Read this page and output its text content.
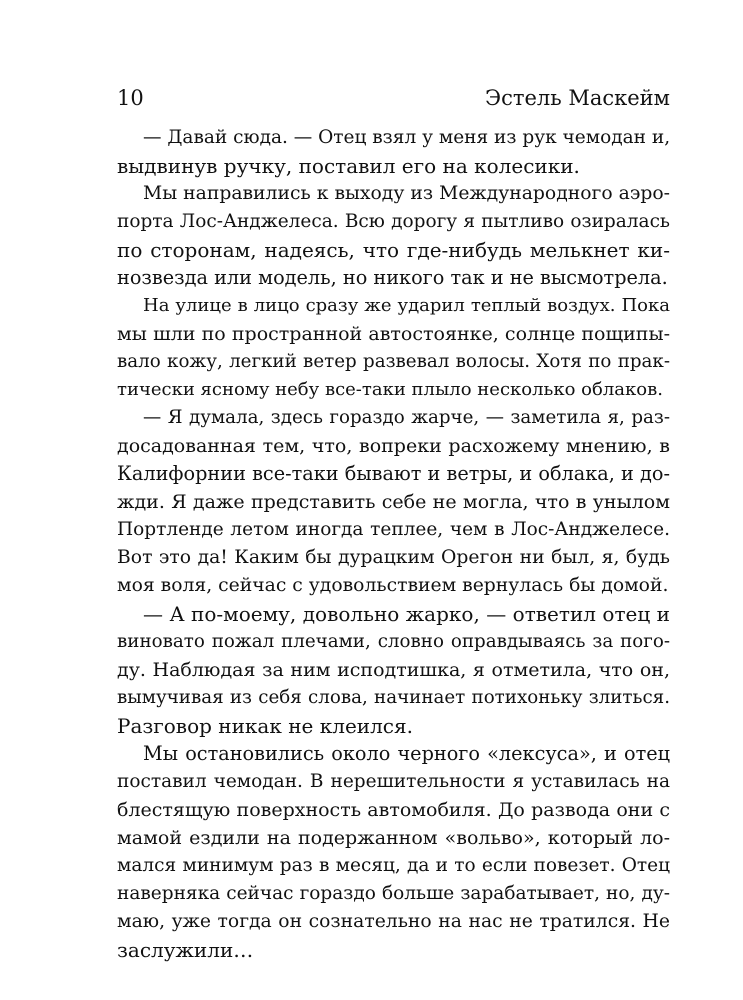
10	Эстель Маскейм

— Давай сюда. — Отец взял у меня из рук чемодан и,
выдвинув ручку, поставил его на колесики.

Мы направились к выходу из Международного аэро-
порта Лос-Анджелеса. Всю дорогу я пытливо озиралась
по сторонам, надеясь, что где-нибудь мелькнет ки-
нозвезда или модель, но никого так и не высмотрела.

На улице в лицо сразу же ударил теплый воздух. Пока
мы шли по пространной автостоянке, солнце пощипы-
вало кожу, легкий ветер развевал волосы. Хотя по прак-
тически ясному небу все-таки плыло несколько облаков.

— Я думала, здесь гораздо жарче, — заметила я, раз-
досадованная тем, что, вопреки расхожему мнению, в
Калифорнии все-таки бывают и ветры, и облака, и до-
жди. Я даже представить себе не могла, что в унылом
Портленде летом иногда теплее, чем в Лос-Анджелесе.
Вот это да! Каким бы дурацким Орегон ни был, я, будь
моя воля, сейчас с удовольствием вернулась бы домой.

— А по-моему, довольно жарко, — ответил отец и
виновато пожал плечами, словно оправдываясь за пого-
ду. Наблюдая за ним исподтишка, я отметила, что он,
вымучивая из себя слова, начинает потихоньку злиться.
Разговор никак не клеился.

Мы остановились около черного «лексуса», и отец
поставил чемодан. В нерешительности я уставилась на
блестящую поверхность автомобиля. До развода они с
мамой ездили на подержанном «вольво», который ло-
мался минимум раз в месяц, да и то если повезет. Отец
наверняка сейчас гораздо больше зарабатывает, но, ду-
маю, уже тогда он сознательно на нас не тратился. Не
заслужили…
